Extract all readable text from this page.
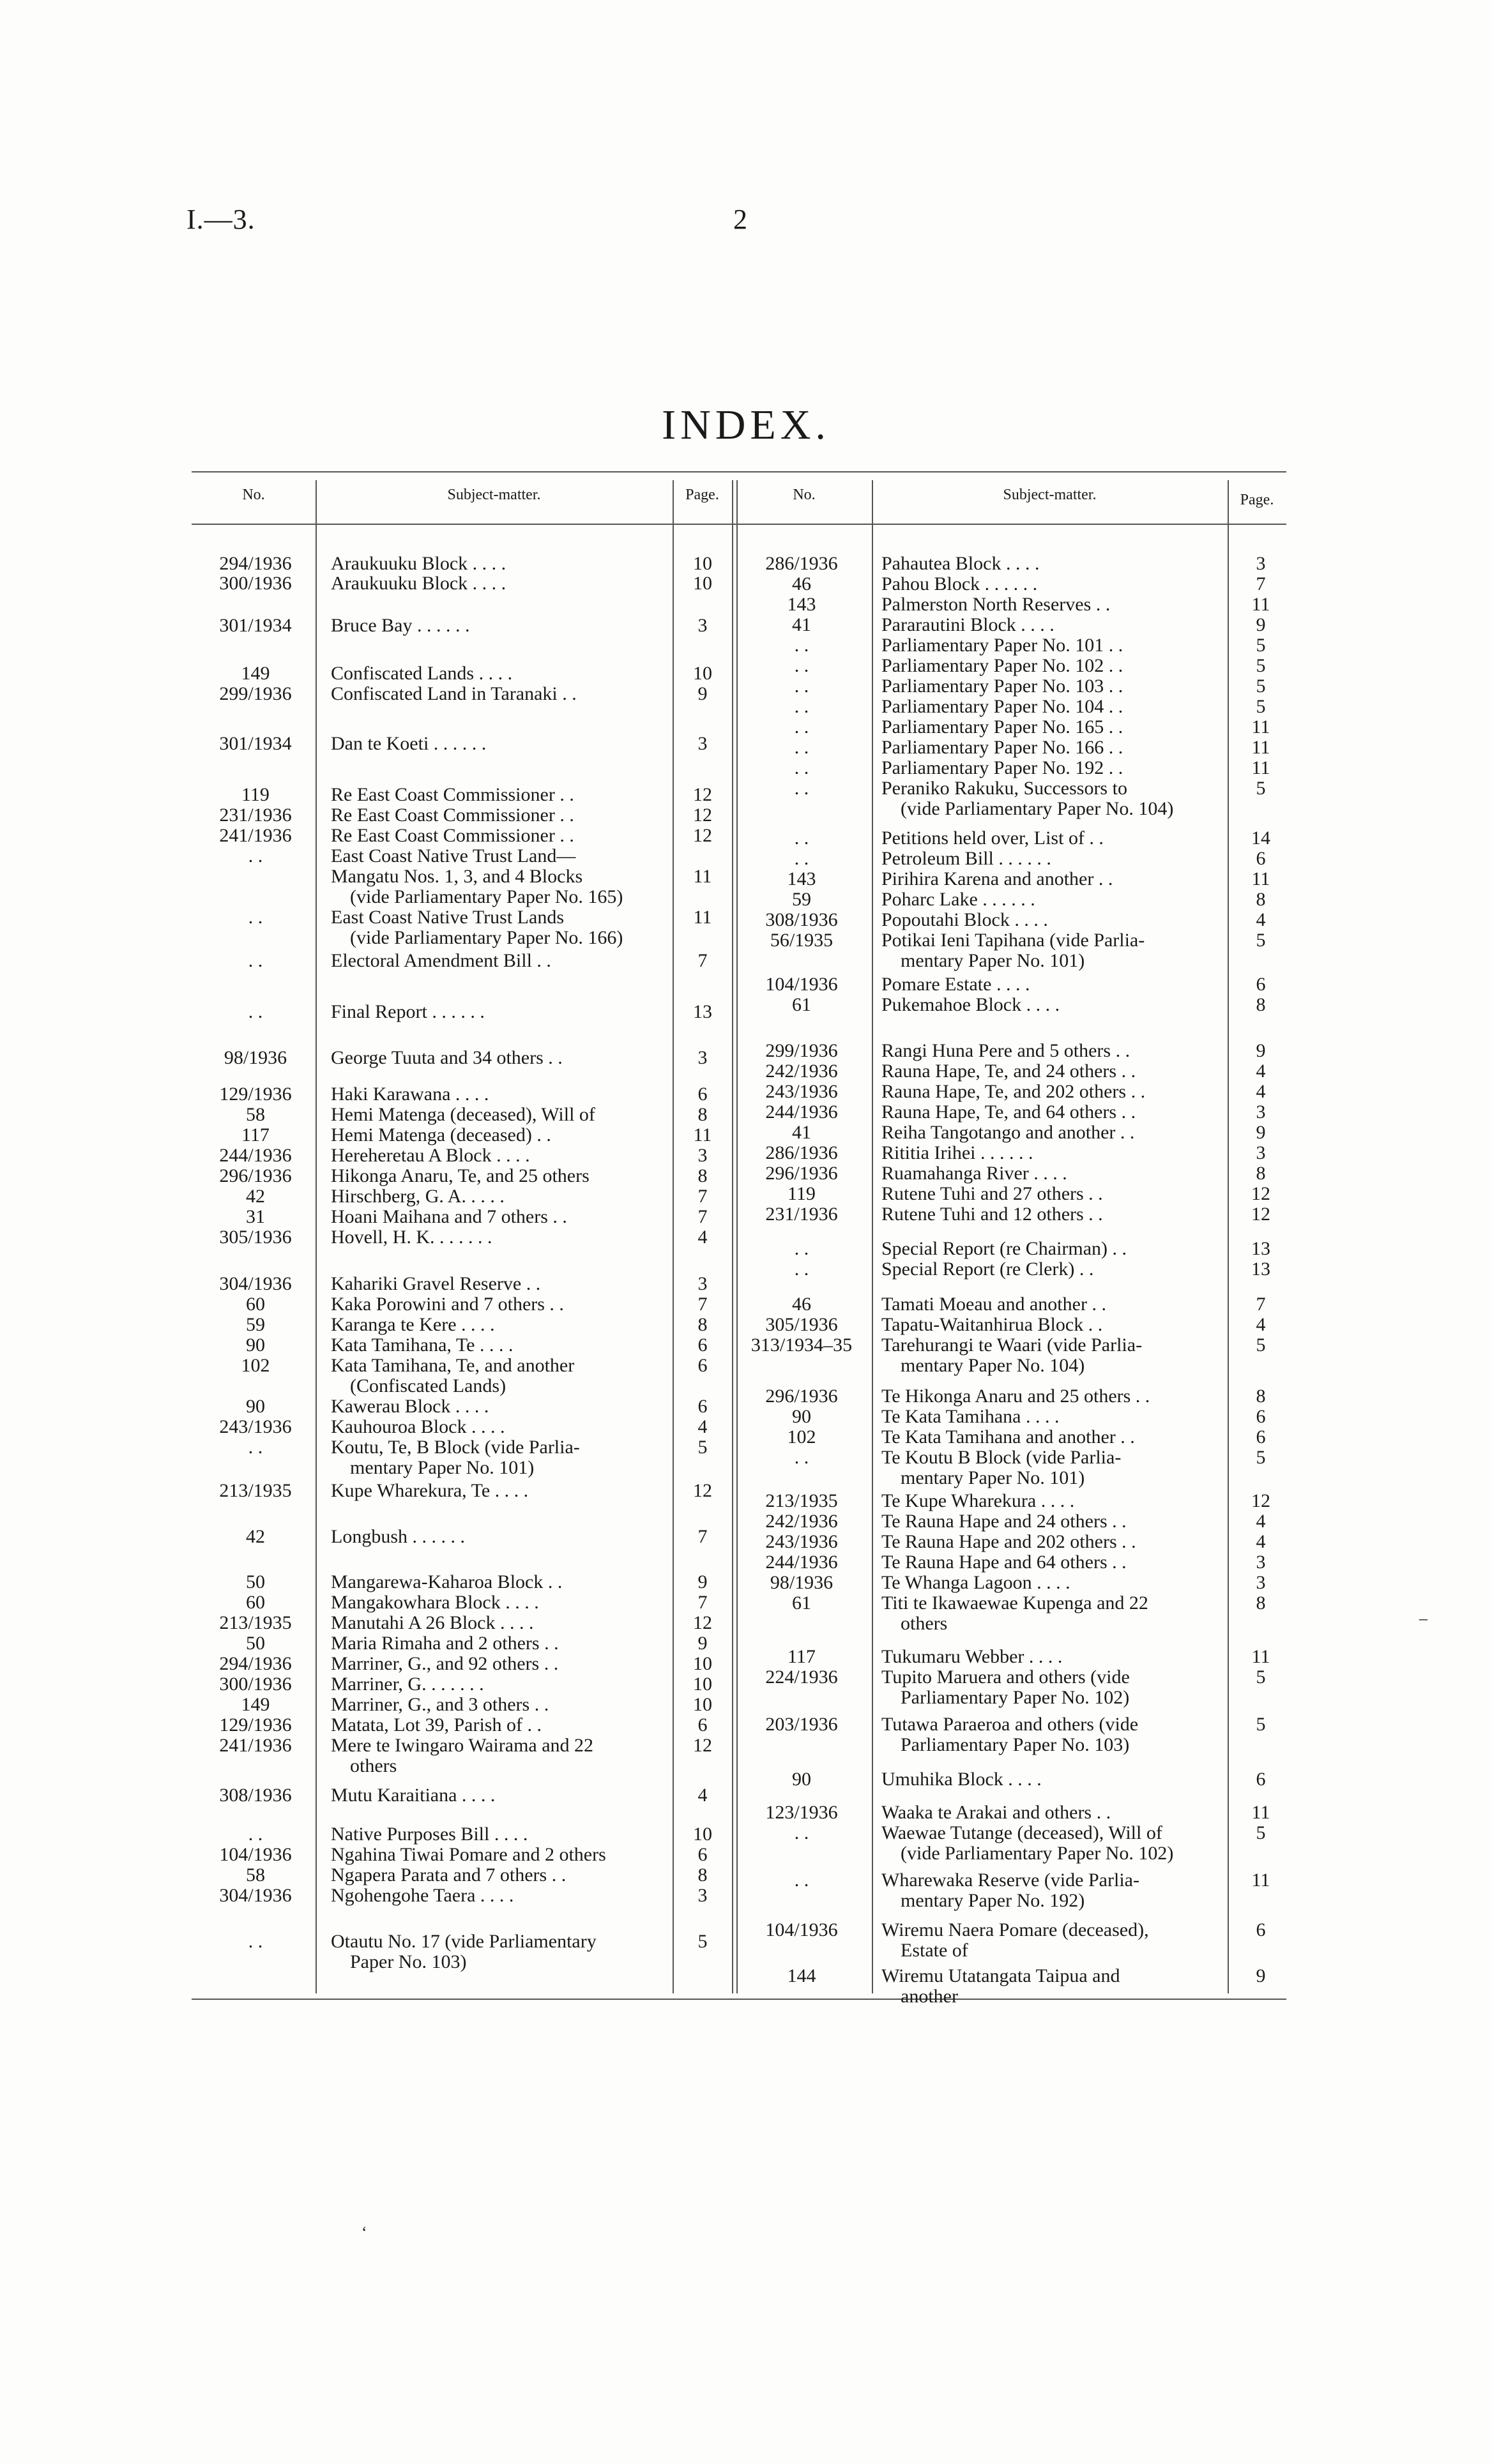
I.—3.	2
INDEX.
No.	Subject-matter.	Page.	No.	Subject-matter.	Page.
294/1936	Araukuuku Block . . . .	10
300/1936	Araukuuku Block . . . .	10
301/1934	Bruce Bay . . . . . .	3
149	Confiscated Lands . . . .	10
299/1936	Confiscated Land in Taranaki . .	9
301/1934	Dan te Koeti . . . . . .	3
119	Re East Coast Commissioner . .	12
231/1936	Re East Coast Commissioner . .	12
241/1936	Re East Coast Commissioner . .	12
. .	East Coast Native Trust Land—
Mangatu Nos. 1, 3, and 4 Blocks	11
(vide Parliamentary Paper No. 165)
. .	East Coast Native Trust Lands	11
(vide Parliamentary Paper No. 166)
. .	Electoral Amendment Bill . .	7
. .	Final Report . . . . . .	13
98/1936	George Tuuta and 34 others . .	3
129/1936	Haki Karawana . . . .	6
58	Hemi Matenga (deceased), Will of	8
117	Hemi Matenga (deceased) . .	11
244/1936	Hereheretau A Block . . . .	3
296/1936	Hikonga Anaru, Te, and 25 others	8
42	Hirschberg, G. A. . . . .	7
31	Hoani Maihana and 7 others . .	7
305/1936	Hovell, H. K. . . . . . .	4
304/1936	Kahariki Gravel Reserve . .	3
60	Kaka Porowini and 7 others . .	7
59	Karanga te Kere . . . .	8
90	Kata Tamihana, Te . . . .	6
102	Kata Tamihana, Te, and another	6
(Confiscated Lands)
90	Kawerau Block . . . .	6
243/1936	Kauhouroa Block . . . .	4
. .	Koutu, Te, B Block (vide Parlia-	5
mentary Paper No. 101)
213/1935	Kupe Wharekura, Te . . . .	12
42	Longbush . . . . . .	7
50	Mangarewa-Kaharoa Block . .	9
60	Mangakowhara Block . . . .	7
213/1935	Manutahi A 26 Block . . . .	12
50	Maria Rimaha and 2 others . .	9
294/1936	Marriner, G., and 92 others . .	10
300/1936	Marriner, G. . . . . . .	10
149	Marriner, G., and 3 others . .	10
129/1936	Matata, Lot 39, Parish of . .	6
241/1936	Mere te Iwingaro Wairama and 22	12
others
308/1936	Mutu Karaitiana . . . .	4
. .	Native Purposes Bill . . . .	10
104/1936	Ngahina Tiwai Pomare and 2 others	6
58	Ngapera Parata and 7 others . .	8
304/1936	Ngohengohe Taera . . . .	3
. .	Otautu No. 17 (vide Parliamentary	5
Paper No. 103)
286/1936	Pahautea Block . . . .	3
46	Pahou Block . . . . . .	7
143	Palmerston North Reserves . .	11
41	Pararautini Block . . . .	9
. .	Parliamentary Paper No. 101 . .	5
. .	Parliamentary Paper No. 102 . .	5
. .	Parliamentary Paper No. 103 . .	5
. .	Parliamentary Paper No. 104 . .	5
. .	Parliamentary Paper No. 165 . .	11
. .	Parliamentary Paper No. 166 . .	11
. .	Parliamentary Paper No. 192 . .	11
. .	Peraniko Rakuku, Successors to	5
(vide Parliamentary Paper No. 104)
. .	Petitions held over, List of . .	14
. .	Petroleum Bill . . . . . .	6
143	Pirihira Karena and another . .	11
59	Poharc Lake . . . . . .	8
308/1936	Popoutahi Block . . . .	4
56/1935	Potikai Ieni Tapihana (vide Parlia-	5
mentary Paper No. 101)
104/1936	Pomare Estate . . . .	6
61	Pukemahoe Block . . . .	8
299/1936	Rangi Huna Pere and 5 others . .	9
242/1936	Rauna Hape, Te, and 24 others . .	4
243/1936	Rauna Hape, Te, and 202 others . .	4
244/1936	Rauna Hape, Te, and 64 others . .	3
41	Reiha Tangotango and another . .	9
286/1936	Rititia Irihei . . . . . .	3
296/1936	Ruamahanga River . . . .	8
119	Rutene Tuhi and 27 others . .	12
231/1936	Rutene Tuhi and 12 others . .	12
. .	Special Report (re Chairman) . .	13
. .	Special Report (re Clerk) . .	13
46	Tamati Moeau and another . .	7
305/1936	Tapatu-Waitanhirua Block . .	4
313/1934–35	Tarehurangi te Waari (vide Parlia-	5
mentary Paper No. 104)
296/1936	Te Hikonga Anaru and 25 others . .	8
90	Te Kata Tamihana . . . .	6
102	Te Kata Tamihana and another . .	6
. .	Te Koutu B Block (vide Parlia-	5
mentary Paper No. 101)
213/1935	Te Kupe Wharekura . . . .	12
242/1936	Te Rauna Hape and 24 others . .	4
243/1936	Te Rauna Hape and 202 others . .	4
244/1936	Te Rauna Hape and 64 others . .	3
98/1936	Te Whanga Lagoon . . . .	3
61	Titi te Ikawaewae Kupenga and 22	8
others
117	Tukumaru Webber . . . .	11
224/1936	Tupito Maruera and others (vide	5
Parliamentary Paper No. 102)
203/1936	Tutawa Paraeroa and others (vide	5
Parliamentary Paper No. 103)
90	Umuhika Block . . . .	6
123/1936	Waaka te Arakai and others . .	11
. .	Waewae Tutange (deceased), Will of	5
(vide Parliamentary Paper No. 102)
. .	Wharewaka Reserve (vide Parlia-	11
mentary Paper No. 192)
104/1936	Wiremu Naera Pomare (deceased),	6
Estate of
144	Wiremu Utatangata Taipua and	9
another
–
‘
